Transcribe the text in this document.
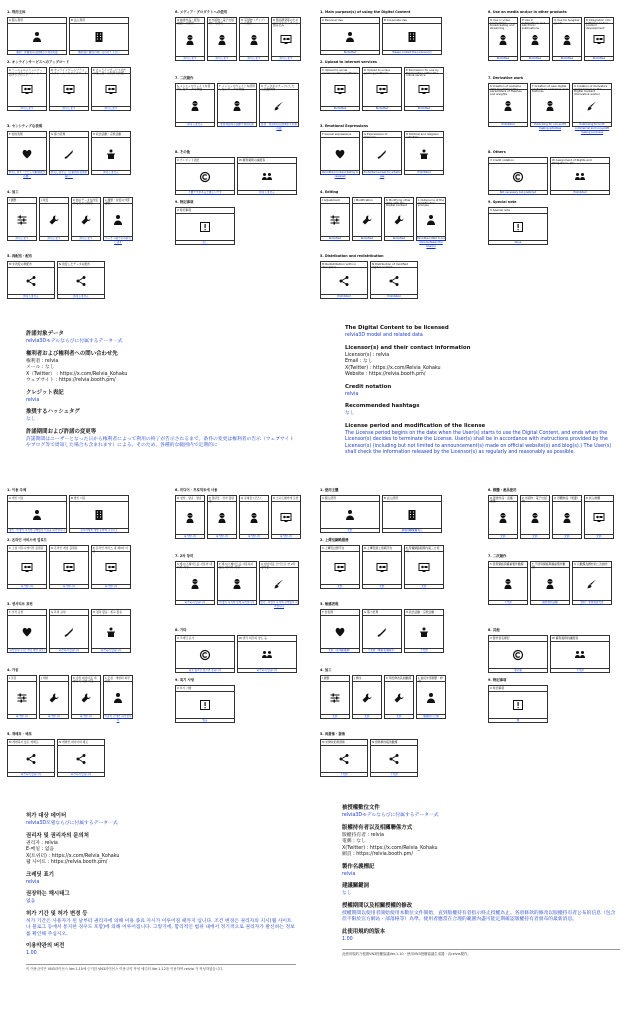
1. 利用主体
A 個人利用
個利・非個利の目的問わず利用可能
B 法人利用
権利者に個別に問い合わせて下さい
2. オンラインサービスへのアップロード
C ソーシャルコミュニケーションプラットフォームへのアップロード
許可します
D オンラインゲームプラットフォームへのアップロード
許可します
E オンラインサービス内での第三者への利用の許諾
許可します
3. センシティブな表現
F 性的表現
許可します（ただし年齢制限が必要）
G 暴力表現
許可しません（芸術的な表現を除く）
H 政治活動・宗教活動
許可しません
4. 加工
I 調整
許可します
J 改変
許可します
K 他のデータを改変するための利用
許可します
L 調整・改変の外部委託
ユーザー間でのみ許可します
5. 再配布・配布
M 未改変の再配布
許可しません
N 改変したデータの配布
許可しません
6. メディア・プロダクトへの使用
O 映像作品・配信・放送への使用
許可します
P 出版物・電子出版物への使用
許可します
Q 有形物（グッズ）への使用
許可します
R 製品開発等のためのソフトウェアへの組み込み
許可します
7. 二次創作
S メッシュやウェイトを使用したデータの作成
許可しません
T メッシュやウェイトを使用しないデータの作成
非営利目的の活動で利用可能
U データをモチーフにした二次創作物
営利・非営利の目的問わず利用可能
8. その他
V クレジット表記
不要ですがあると嬉しいです
W 権利義務の譲渡等
許可しません
9. 特記事項
X 特記事項
なし
1. Main purpose(s) of using the Digital Content
A Personal Use
Permitted
B Corporate Use
Please contact the Licensor(s)
2. Upload to internet services
C Upload to social communication platforms
Permitted
D Upload to online gaming platforms
Permitted
E Permission for use by third parties within the online service
Permitted
3. Emotional Expressions
F Sexual expressions
Permitted Content Rating is required
G Expressions of Violence
Prohibited except for artistic use
H Political and religious activities
Prohibited
4. Editing
I Adjustment
Permitted
J Modification
Permitted
K Modifying other data with the Digital Content
Permitted
L Outsource of the modification process
Permitted ONLY to be done between the User(s)
5. Distribution and redistribution
M Redistribution with no change(s)
Prohibited
N Distribution of modified digital content
Prohibited
6. Use on media and/or in other products
O Use in video productions, broadcasting and streaming
Permitted
P Use in publications and electronic publications
Permitted
Q Use for tangible goods
Permitted
R Integration into software and/or product development
Permitted
7. Derivative work
S Creation of costume data by utilizing the parameters of meshes and weights
Prohibited
T Creation of new digital content on costumes and textures
Publicizing for non-profit making activities
U Creation of derivative works based on the Digital Content (Derivative works)
Publicizing for both commercial and non-profit making purposes
8. Others
V Credit notation
Not necessary but preferred
W Assignment of Rights and Obligations, etc.
Prohibited
9. Special note
X Special note
None
1. 이용 주체
A 개인 이용
영리 · 비영리 목적에 관계없이 이용을 허가합니다
B 법인 이용
권리자에게 개별 문의해 주십시오
2. 온라인 서비스에 업로드
C 소셜 커뮤니케이션 플랫폼
허가합니다
D 온라인 게임 플랫폼
허가합니다
E 온라인 서비스 내 제3자 이용
허가합니다
3. 센서티브 표현
F 성적 표현
허가합니다 (단 연령 제한 필요)
G 폭력 표현
허가하지 않습니다
H 정치 활동 · 종교 활동
허가하지 않습니다
4. 가공
I 조정
허가합니다
J 개변
허가합니다
K 다른 데이터를 개변하기 위한 이용
허가합니다
L 조정 · 개변의 외부 위탁
이용자 간에만 허가합니다
5. 재배포 · 배포
M 개변하지 않은 재배포
허가하지 않습니다
N 개변한 데이터의 배포
허가하지 않습니다
6. 미디어 · 프로덕트에 사용
O 영상 · 방송 · 방송
허가합니다
P 출판물 · 전자 출판물
허가합니다
Q 유형물 (굿즈)
허가합니다
R 소프트웨어에 포함
허가합니다
7. 2차 창작
S 메시나 웨이트를 사용한 데이터 작성
허가하지 않습니다
T 메시나 웨이트를 사용하지 않는 데이터 작성
비영리 목적에 한해 허가합니다
U 데이터를 모티브로 한 2차 창작물
영리 · 비영리 목적에 관계없이 허가합니다
8. 기타
V 크레딧 표기
필요 없지만 있으면 좋습니다
W 권리 의무의 양도 등
허가하지 않습니다
9. 특기 사항
X 특기 사항
없음
1. 使用主體
A 個人使用
允許
B 法人使用
請個別聯繫權利人
2. 上傳至網路服務
C 上傳至社群平台
允許
D 上傳至線上遊戲平台
允許
E 授權網路服務內第三方使用
允許
3. 敏感表現
F 性表現
允許（需年齡限制）
G 暴力表現
不允許（藝術表現除外）
H 政治活動・宗教活動
不允許
4. 加工
I 調整
允許
J 修改
允許
K 用於修改其他數據
允許
L 委託外部調整・修改
僅限用戶之間
5. 再發佈・發佈
M 未修改的再發佈
不允許
N 發佈修改後的數據
不允許
6. 媒體・產品使用
O 影像作品・直播・廣播
允許
P 出版物・電子出版物
允許
Q 實體物品（周邊）
允許
R 嵌入軟體
允許
7. 二次創作
S 使用網格與權重製作數據
不允許
T 不使用網格與權重製作數據
限非營利活動
U 以數據為題材的二次創作
營利・非營利皆允許
8. 其他
V 製作者名標記
非必須
W 權利義務的讓渡等
不允許
9. 特記事項
X 特記事項
無
許諾対象データ
relvia3Dモデルならびに付属するデータ一式
権利者および権利者への問い合わせ先
権利者 : relvia
メール : なし
X（Twitter） : https://x.com/Relvia_Kohaku
ウェブサイト : https://relvia.booth.pm/
クレジット表記
relvia
推奨するハッシュタグ
なし
許諾期間および許諾の変更等
許諾期間はユーザーとなった日から権利者によって利用の終了が告示されるまで。条件の変更は権利者の告示（ウェブサイトやブログ等で周知した場合も含まれます）による。そのため、各種的な範囲内で定期的に
The Digital Content to be licensed
relvia3D model and related data
Licensor(s) and their contact information
Licensor(s) : relvia
Email : なし
X(Twitter) : https://x.com/Relvia_Kohaku
Website : https://relvia.booth.pm/
Credit notation
relvia
Recommended hashtags
なし
License period and modification of the license
The License period begins on the date when the User(s) starts to use the Digital Content, and ends when the Licensor(s) decides to terminate the License. User(s) shall be in accordance with instructions provided by the Licensor(s) (including but not limited to announcement(s) made on official website(s) and blog(s).) The User(s) shall check the information released by the Licensor(s) as regularly and reasonably as possible.
허가 대상 데이터
relvia3D모델ならびに付属するデータ一式
권리자 및 권리자의 문의처
권리자 : relvia
E-메일 : 없음
X(트위터) : https://x.com/Relvia_Kohaku
웹 사이트 : https://relvia.booth.pm/
크레딧 표기
relvia
권장하는 해시태그
없음
허가 기간 및 허가 변경 등
허가 기간은 사용자가 된 날부터 권리자에 의해 이용 종료 지시가 이루어질 때까지 입니다. 조건 변경은 권리자의 지시(웹 사이트나 블로그 등에서 통지한 경우도 포함)에 의해 이루어집니다. 그렇기에, 합리적인 범위 내에서 정기적으로 권리자가 발신하는 정보를 확인해 주십시오.
이용약관의 버전
1.00
이 이용규약은 VN3라이선스 Ver.1.10에 근거한 VN3라이선스 이용규약 작성 에디터 Ver.1.12을 이용하여 relvia 가 작성하였습니다.
被授權數位文件
relvia3Dモデルならびに付属するデータ一式
版權持有者以及相關聯係方式
版權持有者 : relvia
電郵 : なし
X(Twitter) : https://x.com/Relvia_Kohaku
網頁 : https://relvia.booth.pm/
製作名義標記
relvia
建議關鍵詞
なし
授權期間以及相關授權的修改
授權期間以使用者開始使用本數位文件開始，直到版權持有者指示終止授權為止。各項條款的修改以版權持有者公布的信息（包含但不限於官方網站・部落格等）為準。使用者應當在合理的範圍內盡可能定期確認版權持有者發布的最新消息。
此使用規約的版本
1.00
此使用規約乃根據VN3授權協議Ver.1.10・使用VN3授權協議生成器・由relvia製作。
